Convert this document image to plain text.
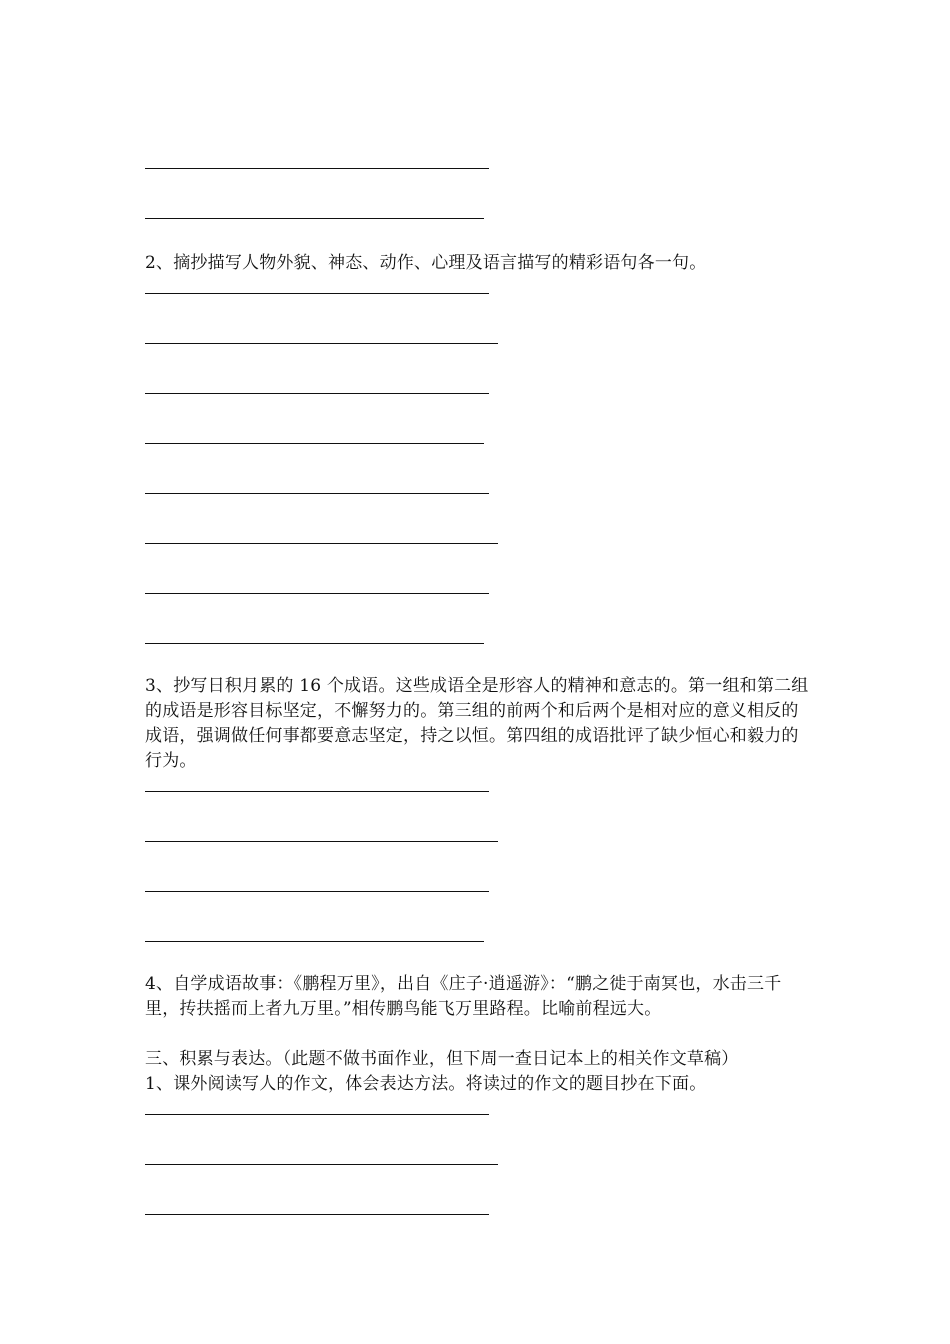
2、摘抄描写人物外貌、神态、动作、心理及语言描写的精彩语句各一句。

3、抄写日积月累的 16 个成语。这些成语全是形容人的精神和意志的。第一组和第二组的成语是形容目标坚定，不懈努力的。第三组的前两个和后两个是相对应的意义相反的成语，强调做任何事都要意志坚定，持之以恒。第四组的成语批评了缺少恒心和毅力的行为。

4、自学成语故事：《鹏程万里》，出自《庄子·逍遥游》：“鹏之徙于南冥也，水击三千里，抟扶摇而上者九万里。”相传鹏鸟能飞万里路程。比喻前程远大。

三、积累与表达。（此题不做书面作业，但下周一查日记本上的相关作文草稿）

1、课外阅读写人的作文，体会表达方法。将读过的作文的题目抄在下面。
